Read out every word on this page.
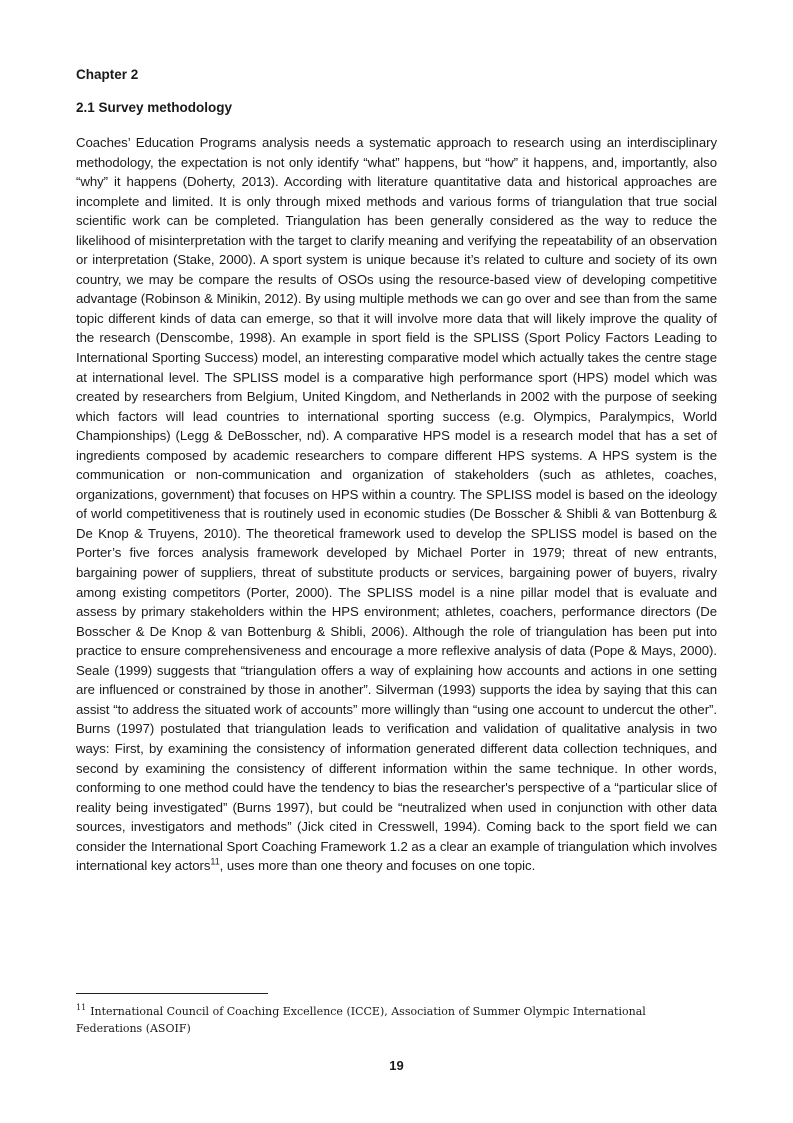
Chapter 2

2.1 Survey methodology

Coaches’ Education Programs analysis needs a systematic approach to research using an interdisciplinary methodology, the expectation is not only identify “what” happens, but “how” it happens, and, importantly, also “why” it happens (Doherty, 2013). According with literature quantitative data and historical approaches are incomplete and limited. It is only through mixed methods and various forms of triangulation that true social scientific work can be completed. Triangulation has been generally considered as the way to reduce the likelihood of misinterpretation with the target to clarify meaning and verifying the repeatability of an observation or interpretation (Stake, 2000). A sport system is unique because it’s related to culture and society of its own country, we may be compare the results of OSOs using the resource-based view of developing competitive advantage (Robinson & Minikin, 2012). By using multiple methods we can go over and see than from the same topic different kinds of data can emerge, so that it will involve more data that will likely improve the quality of the research (Denscombe, 1998). An example in sport field is the SPLISS (Sport Policy Factors Leading to International Sporting Success) model, an interesting comparative model which actually takes the centre stage at international level. The SPLISS model is a comparative high performance sport (HPS) model which was created by researchers from Belgium, United Kingdom, and Netherlands in 2002 with the purpose of seeking which factors will lead countries to international sporting success (e.g. Olympics, Paralympics, World Championships) (Legg & DeBosscher, nd). A comparative HPS model is a research model that has a set of ingredients composed by academic researchers to compare different HPS systems. A HPS system is the communication or non-communication and organization of stakeholders (such as athletes, coaches, organizations, government) that focuses on HPS within a country. The SPLISS model is based on the ideology of world competitiveness that is routinely used in economic studies (De Bosscher & Shibli & van Bottenburg & De Knop & Truyens, 2010). The theoretical framework used to develop the SPLISS model is based on the Porter’s five forces analysis framework developed by Michael Porter in 1979; threat of new entrants, bargaining power of suppliers, threat of substitute products or services, bargaining power of buyers, rivalry among existing competitors (Porter, 2000). The SPLISS model is a nine pillar model that is evaluate and assess by primary stakeholders within the HPS environment; athletes, coachers, performance directors (De Bosscher & De Knop & van Bottenburg & Shibli, 2006). Although the role of triangulation has been put into practice to ensure comprehensiveness and encourage a more reflexive analysis of data (Pope & Mays, 2000). Seale (1999) suggests that “triangulation offers a way of explaining how accounts and actions in one setting are influenced or constrained by those in another”. Silverman (1993) supports the idea by saying that this can assist “to address the situated work of accounts” more willingly than “using one account to undercut the other”. Burns (1997) postulated that triangulation leads to verification and validation of qualitative analysis in two ways: First, by examining the consistency of information generated different data collection techniques, and second by examining the consistency of different information within the same technique. In other words, conforming to one method could have the tendency to bias the researcher's perspective of a “particular slice of reality being investigated” (Burns 1997), but could be “neutralized when used in conjunction with other data sources, investigators and methods” (Jick cited in Cresswell, 1994). Coming back to the sport field we can consider the International Sport Coaching Framework 1.2 as a clear an example of triangulation which involves international key actors$^{11}$, uses more than one theory and focuses on one topic.

$^{11}$ International Council of Coaching Excellence (ICCE), Association of Summer Olympic International Federations (ASOIF)

19
